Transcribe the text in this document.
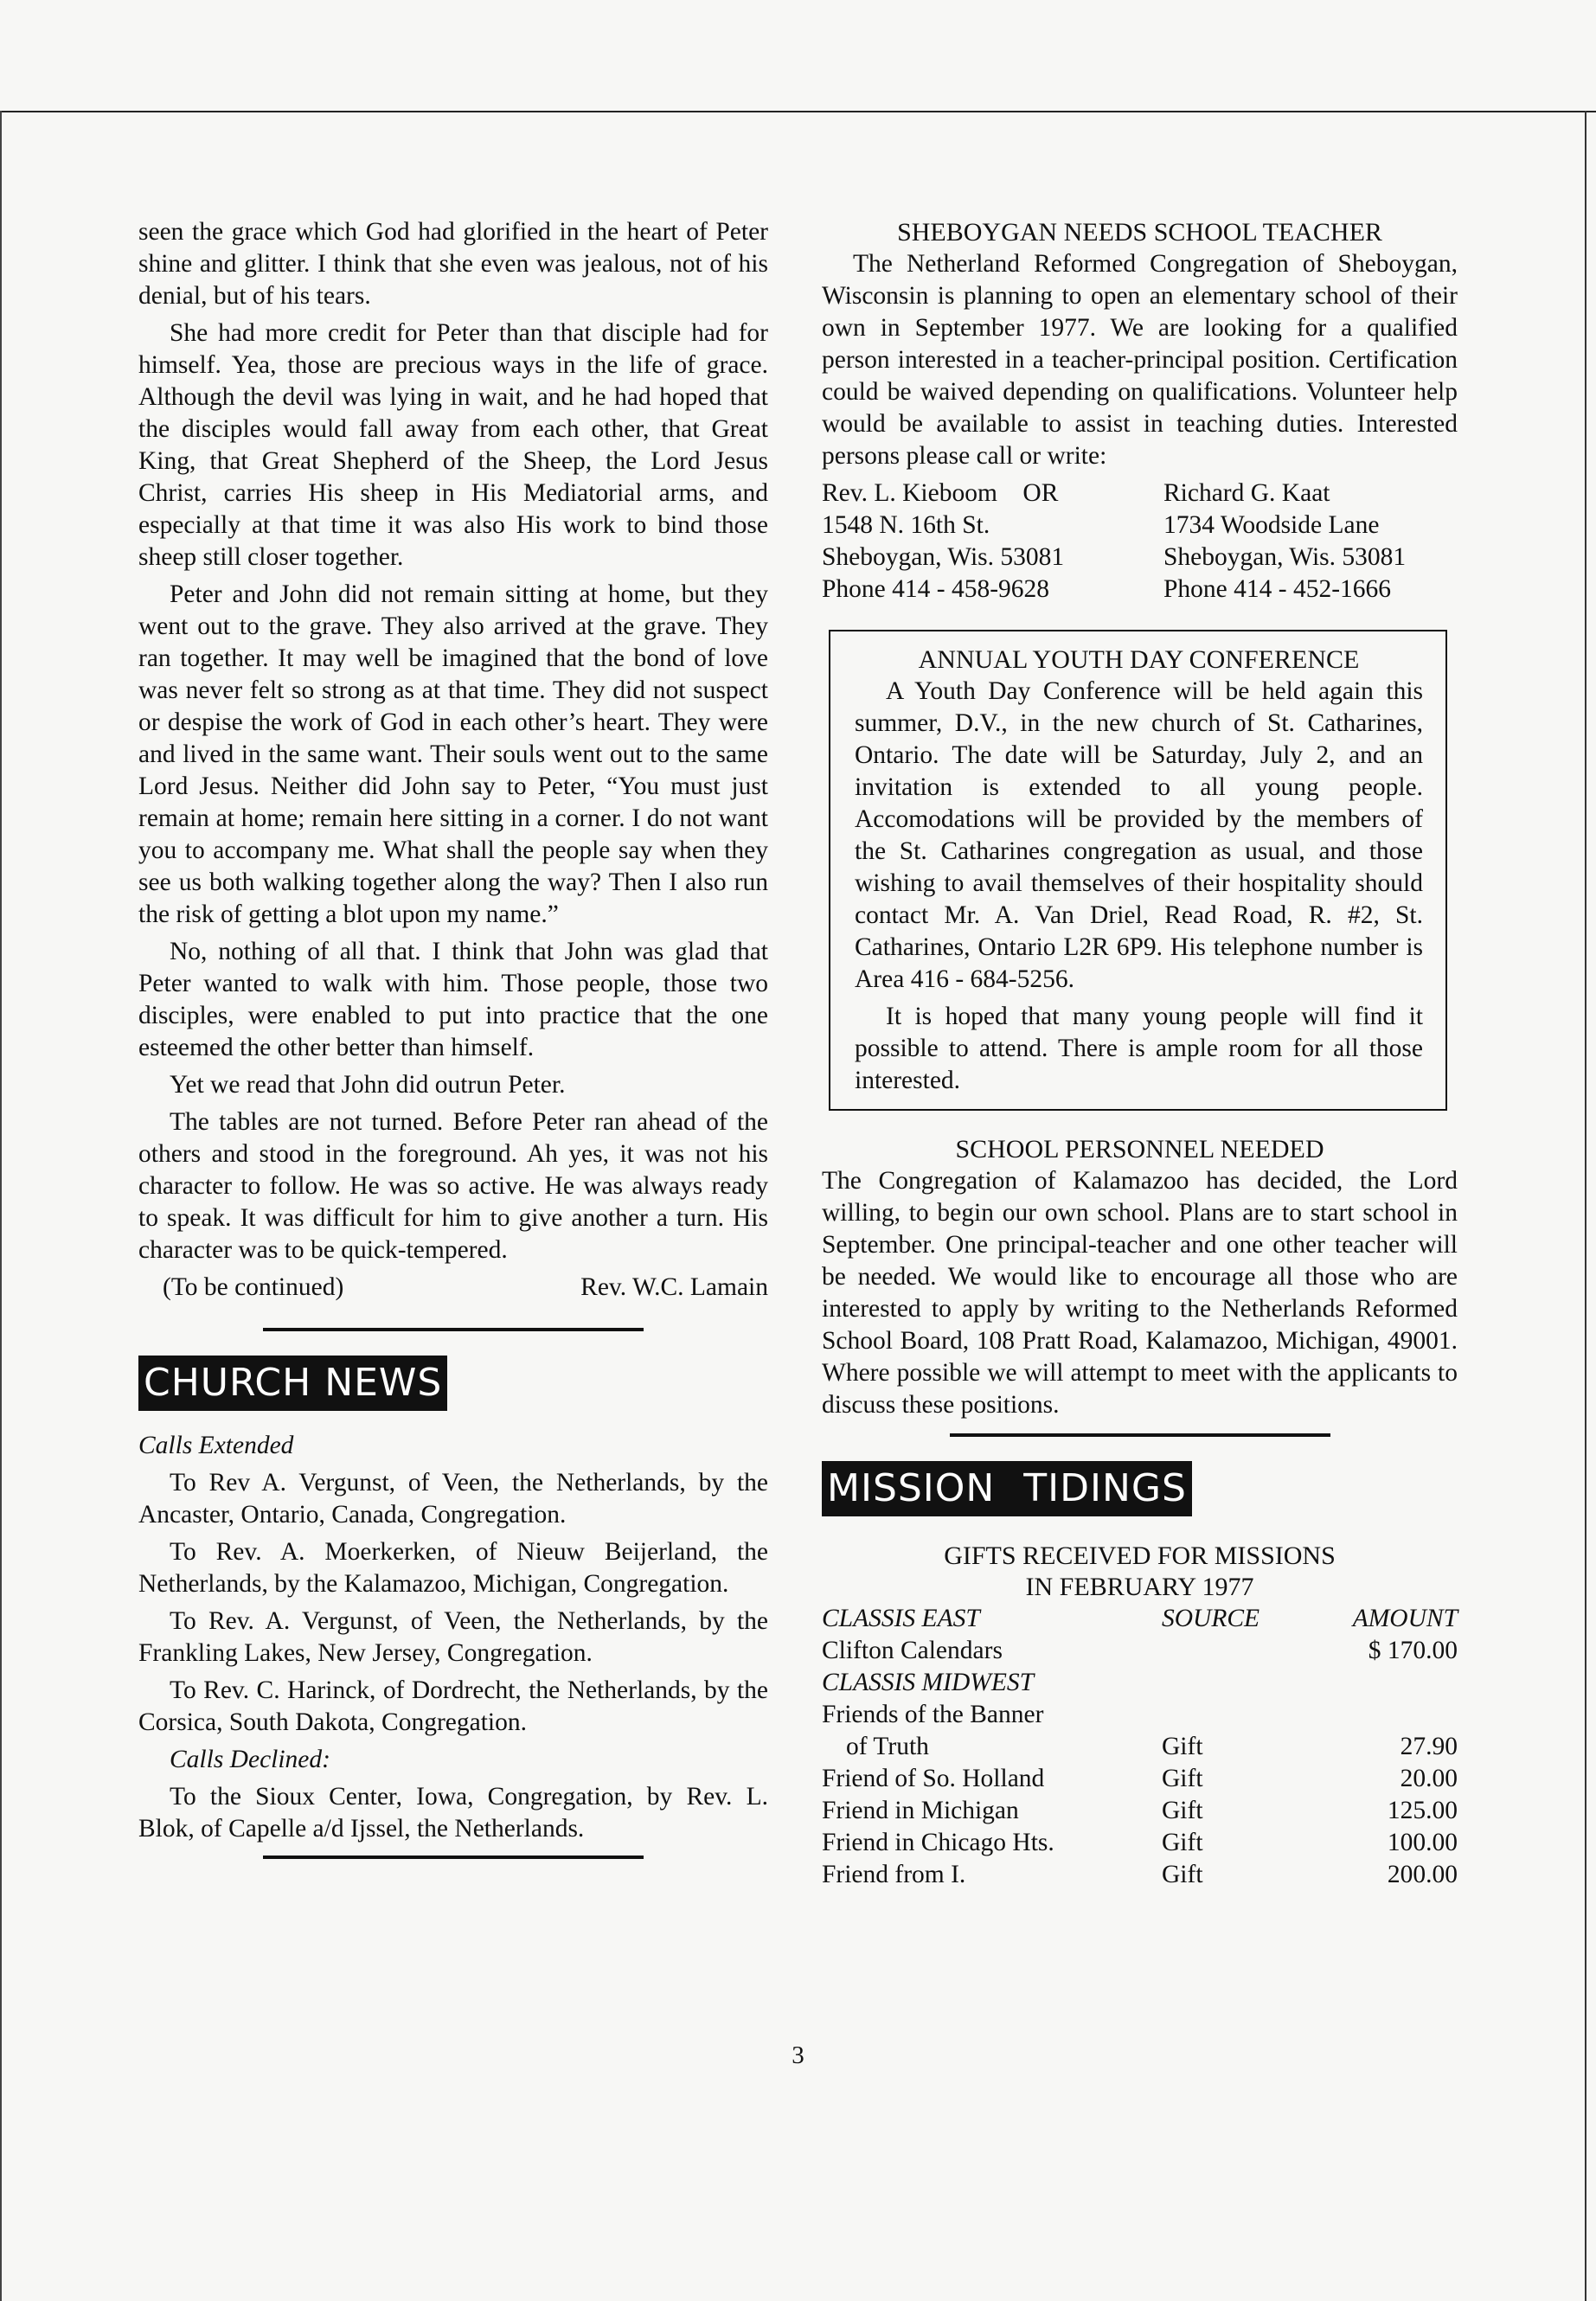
seen the grace which God had glorified in the heart of Peter shine and glitter. I think that she even was jealous, not of his denial, but of his tears.

She had more credit for Peter than that disciple had for himself. Yea, those are precious ways in the life of grace. Although the devil was lying in wait, and he had hoped that the disciples would fall away from each other, that Great King, that Great Shepherd of the Sheep, the Lord Jesus Christ, carries His sheep in His Mediatorial arms, and especially at that time it was also His work to bind those sheep still closer together.

Peter and John did not remain sitting at home, but they went out to the grave. They also arrived at the grave. They ran together. It may well be imagined that the bond of love was never felt so strong as at that time. They did not suspect or despise the work of God in each other’s heart. They were and lived in the same want. Their souls went out to the same Lord Jesus. Neither did John say to Peter, “You must just remain at home; remain here sitting in a corner. I do not want you to accompany me. What shall the people say when they see us both walking together along the way? Then I also run the risk of getting a blot upon my name.”

No, nothing of all that. I think that John was glad that Peter wanted to walk with him. Those people, those two disciples, were enabled to put into practice that the one esteemed the other better than himself.

Yet we read that John did outrun Peter.

The tables are not turned. Before Peter ran ahead of the others and stood in the foreground. Ah yes, it was not his character to follow. He was so active. He was always ready to speak. It was difficult for him to give another a turn. His character was to be quick-tempered.

(To be continued)	Rev. W.C. Lamain
CHURCH NEWS
Calls Extended

To Rev A. Vergunst, of Veen, the Netherlands, by the Ancaster, Ontario, Canada, Congregation.

To Rev. A. Moerkerken, of Nieuw Beijerland, the Netherlands, by the Kalamazoo, Michigan, Congregation.

To Rev. A. Vergunst, of Veen, the Netherlands, by the Frankling Lakes, New Jersey, Congregation.

To Rev. C. Harinck, of Dordrecht, the Netherlands, by the Corsica, South Dakota, Congregation.

Calls Declined:

To the Sioux Center, Iowa, Congregation, by Rev. L. Blok, of Capelle a/d Ijssel, the Netherlands.

SHEBOYGAN NEEDS SCHOOL TEACHER

The Netherland Reformed Congregation of Sheboygan, Wisconsin is planning to open an elementary school of their own in September 1977. We are looking for a qualified person interested in a teacher-principal position. Certification could be waived depending on qualifications. Volunteer help would be available to assist in teaching duties. Interested persons please call or write:

Rev. L. Kieboom    OR	Richard G. Kaat
1548 N. 16th St.	1734 Woodside Lane
Sheboygan, Wis. 53081	Sheboygan, Wis. 53081
Phone 414 - 458-9628	Phone 414 - 452-1666
ANNUAL YOUTH DAY CONFERENCE

A Youth Day Conference will be held again this summer, D.V., in the new church of St. Catharines, Ontario. The date will be Saturday, July 2, and an invitation is extended to all young people. Accomodations will be provided by the members of the St. Catharines congregation as usual, and those wishing to avail themselves of their hospitality should contact Mr. A. Van Driel, Read Road, R. #2, St. Catharines, Ontario L2R 6P9. His telephone number is Area 416 - 684-5256.

It is hoped that many young people will find it possible to attend. There is ample room for all those interested.

SCHOOL PERSONNEL NEEDED

The Congregation of Kalamazoo has decided, the Lord willing, to begin our own school. Plans are to start school in September. One principal-teacher and one other teacher will be needed. We would like to encourage all those who are interested to apply by writing to the Netherlands Reformed School Board, 108 Pratt Road, Kalamazoo, Michigan, 49001. Where possible we will attempt to meet with the applicants to discuss these positions.

MISSION TIDINGS
GIFTS RECEIVED FOR MISSIONS
IN FEBRUARY 1977
CLASSIS EAST	SOURCE	AMOUNT
Clifton Calendars		$ 170.00
CLASSIS MIDWEST		
Friends of the Banner		
of Truth	Gift	27.90
Friend of So. Holland	Gift	20.00
Friend in Michigan	Gift	125.00
Friend in Chicago Hts.	Gift	100.00
Friend from I.	Gift	200.00
3
